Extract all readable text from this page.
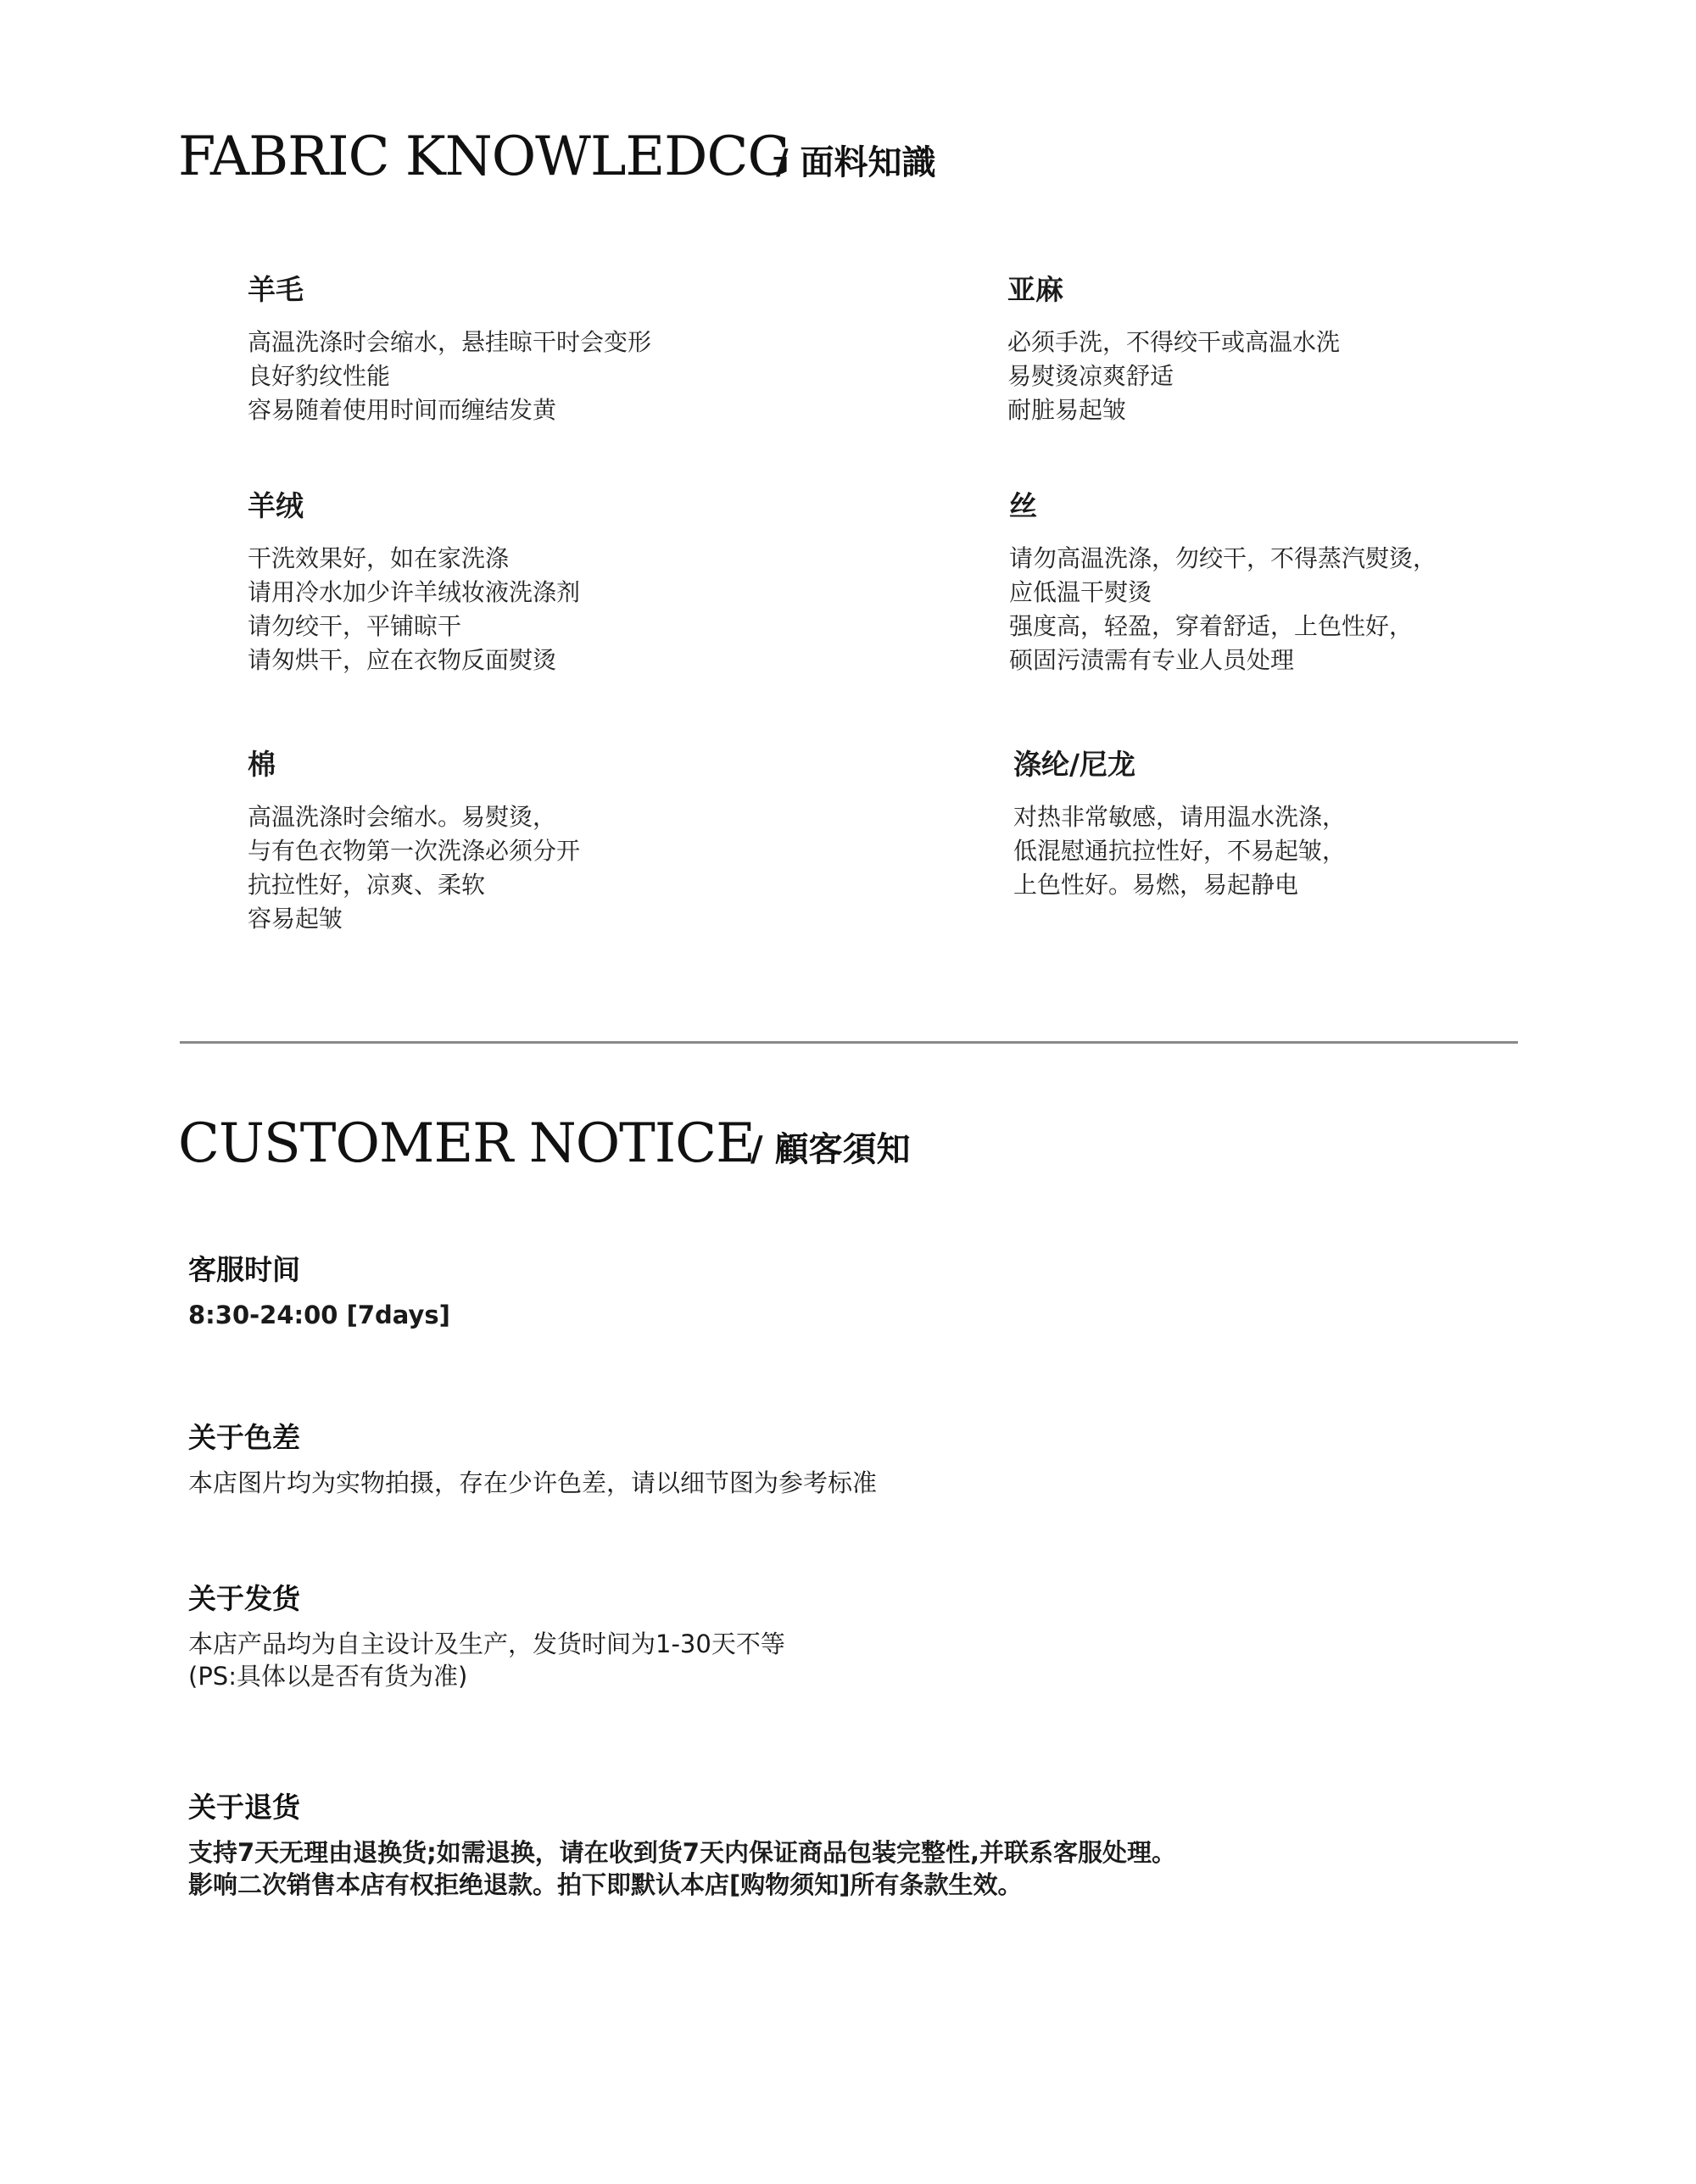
FABRIC KNOWLEDCG
/ 面料知識
羊毛
高温洗涤时会缩水，悬挂晾干时会变形
良好豹纹性能
容易随着使用时间而缠结发黄
亚麻
必须手洗，不得绞干或高温水洗
易熨烫凉爽舒适
耐脏易起皱
羊绒
干洗效果好，如在家洗涤
请用冷水加少许羊绒妆液洗涤剂
请勿绞干，平铺晾干
请匆烘干，应在衣物反面熨烫
丝
请勿高温洗涤，勿绞干，不得蒸汽熨烫，
应低温干熨烫
强度高，轻盈，穿着舒适，上色性好，
硕固污渍需有专业人员处理
棉
高温洗涤时会缩水。易熨烫，
与有色衣物第一次洗涤必须分开
抗拉性好，凉爽、柔软
容易起皱
涤纶/尼龙
对热非常敏感，请用温水洗涤，
低混慰通抗拉性好，不易起皱，
上色性好。易燃，易起静电
CUSTOMER NOTICE
/ 顧客須知
客服时间
8:30-24:00 [7days]
关于色差
本店图片均为实物拍摄，存在少许色差，请以细节图为参考标准
关于发货
本店产品均为自主设计及生产，发货时间为1-30天不等
(PS:具体以是否有货为准)
关于退货
支持7天无理由退换货;如需退换，请在收到货7天内保证商品包装完整性,并联系客服处理。
影响二次销售本店有权拒绝退款。拍下即默认本店[购物须知]所有条款生效。
